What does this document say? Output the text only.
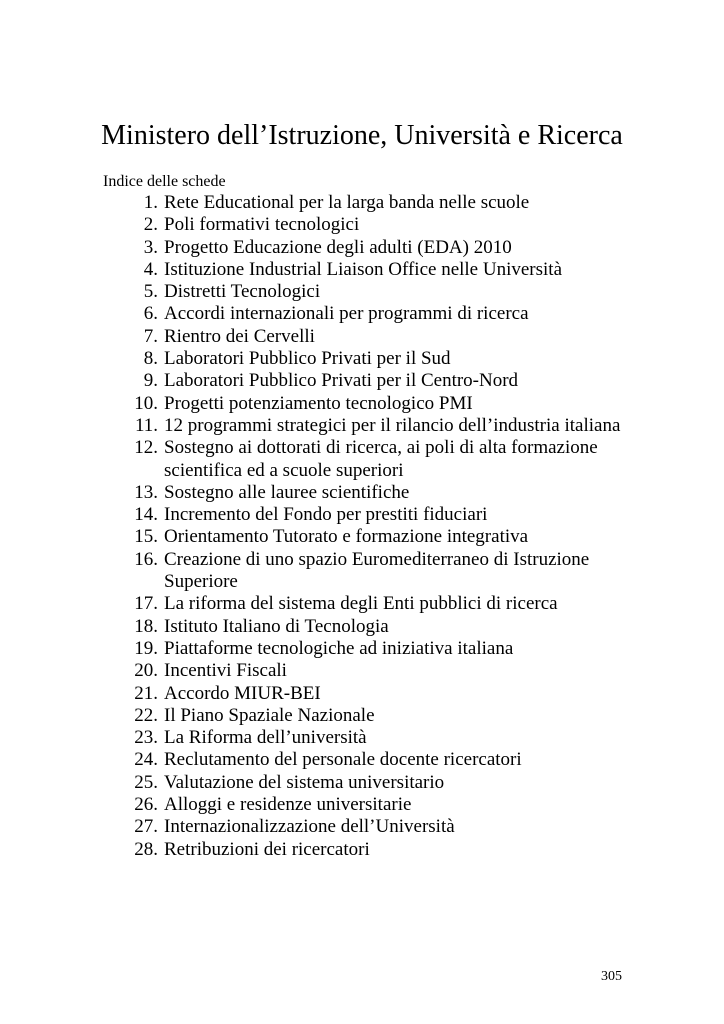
Ministero dell’Istruzione, Università e Ricerca
Indice delle schede
1. Rete Educational per la larga banda nelle scuole
2. Poli formativi tecnologici
3. Progetto Educazione degli adulti (EDA) 2010
4. Istituzione Industrial Liaison Office nelle Università
5. Distretti Tecnologici
6. Accordi internazionali per programmi di ricerca
7. Rientro dei Cervelli
8. Laboratori Pubblico Privati per il Sud
9. Laboratori Pubblico Privati per il Centro-Nord
10. Progetti potenziamento tecnologico PMI
11. 12 programmi strategici per il rilancio dell’industria italiana
12. Sostegno ai dottorati di ricerca, ai poli di alta formazione scientifica ed a scuole superiori
13. Sostegno alle lauree scientifiche
14. Incremento del Fondo per prestiti fiduciari
15. Orientamento Tutorato e formazione integrativa
16. Creazione di uno spazio Euromediterraneo di Istruzione Superiore
17. La riforma del sistema degli Enti pubblici di ricerca
18. Istituto Italiano di Tecnologia
19. Piattaforme tecnologiche ad iniziativa italiana
20. Incentivi Fiscali
21. Accordo MIUR-BEI
22. Il Piano Spaziale Nazionale
23. La Riforma dell’università
24. Reclutamento del personale docente ricercatori
25. Valutazione del sistema universitario
26. Alloggi e residenze universitarie
27. Internazionalizzazione dell’Università
28. Retribuzioni dei ricercatori
305
